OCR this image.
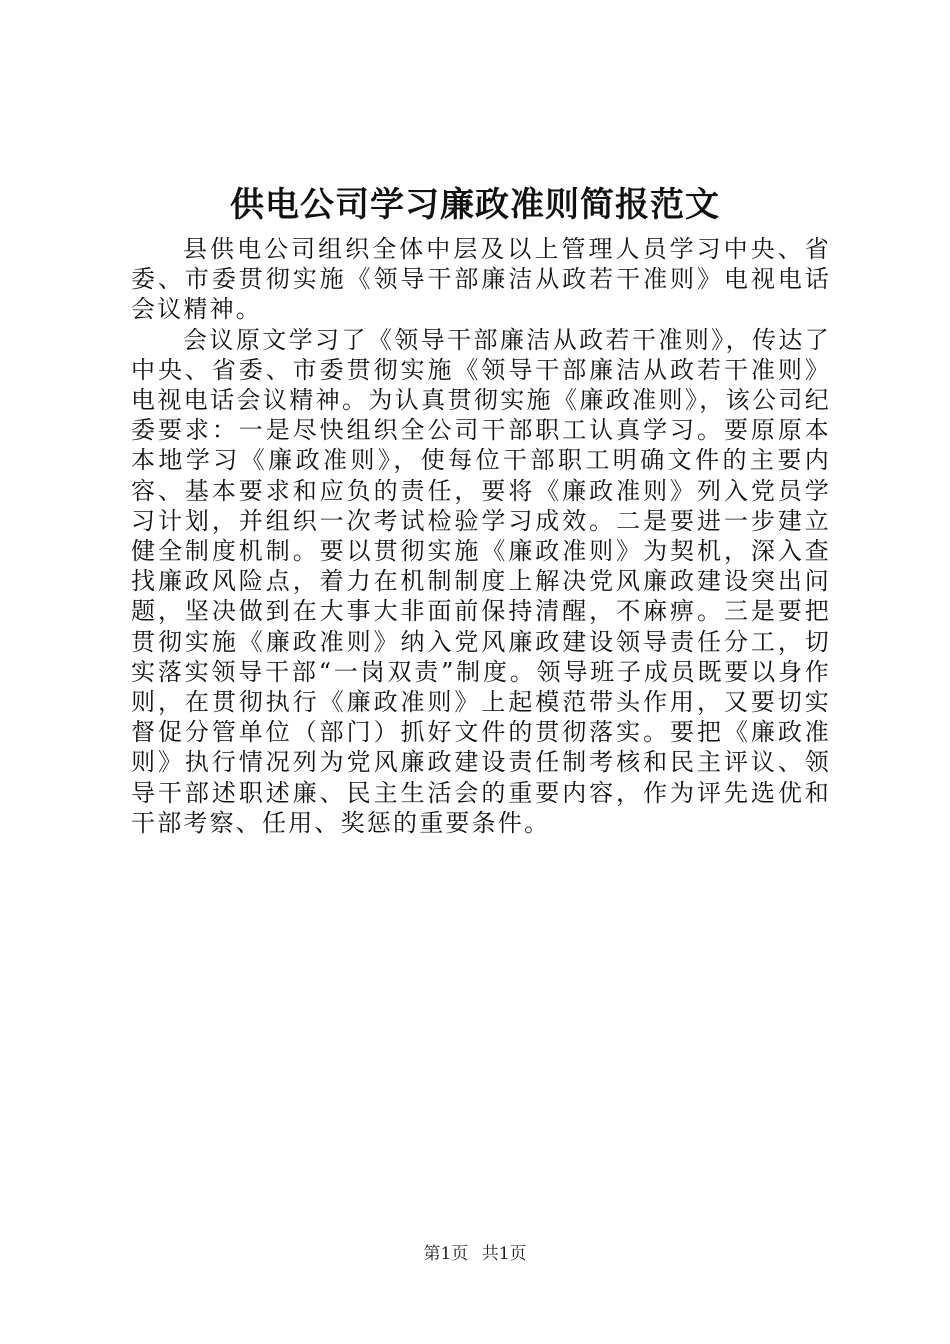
供电公司学习廉政准则简报范文

县供电公司组织全体中层及以上管理人员学习中央、省委、市委贯彻实施《领导干部廉洁从政若干准则》电视电话会议精神。

会议原文学习了《领导干部廉洁从政若干准则》，传达了中央、省委、市委贯彻实施《领导干部廉洁从政若干准则》电视电话会议精神。为认真贯彻实施《廉政准则》，该公司纪委要求：一是尽快组织全公司干部职工认真学习。要原原本本地学习《廉政准则》，使每位干部职工明确文件的主要内容、基本要求和应负的责任，要将《廉政准则》列入党员学习计划，并组织一次考试检验学习成效。二是要进一步建立健全制度机制。要以贯彻实施《廉政准则》为契机，深入查找廉政风险点，着力在机制制度上解决党风廉政建设突出问题，坚决做到在大事大非面前保持清醒，不麻痹。三是要把贯彻实施《廉政准则》纳入党风廉政建设领导责任分工，切实落实领导干部“一岗双责”制度。领导班子成员既要以身作则，在贯彻执行《廉政准则》上起模范带头作用，又要切实督促分管单位（部门）抓好文件的贯彻落实。要把《廉政准则》执行情况列为党风廉政建设责任制考核和民主评议、领导干部述职述廉、民主生活会的重要内容，作为评先选优和干部考察、任用、奖惩的重要条件。

第1页 共1页
